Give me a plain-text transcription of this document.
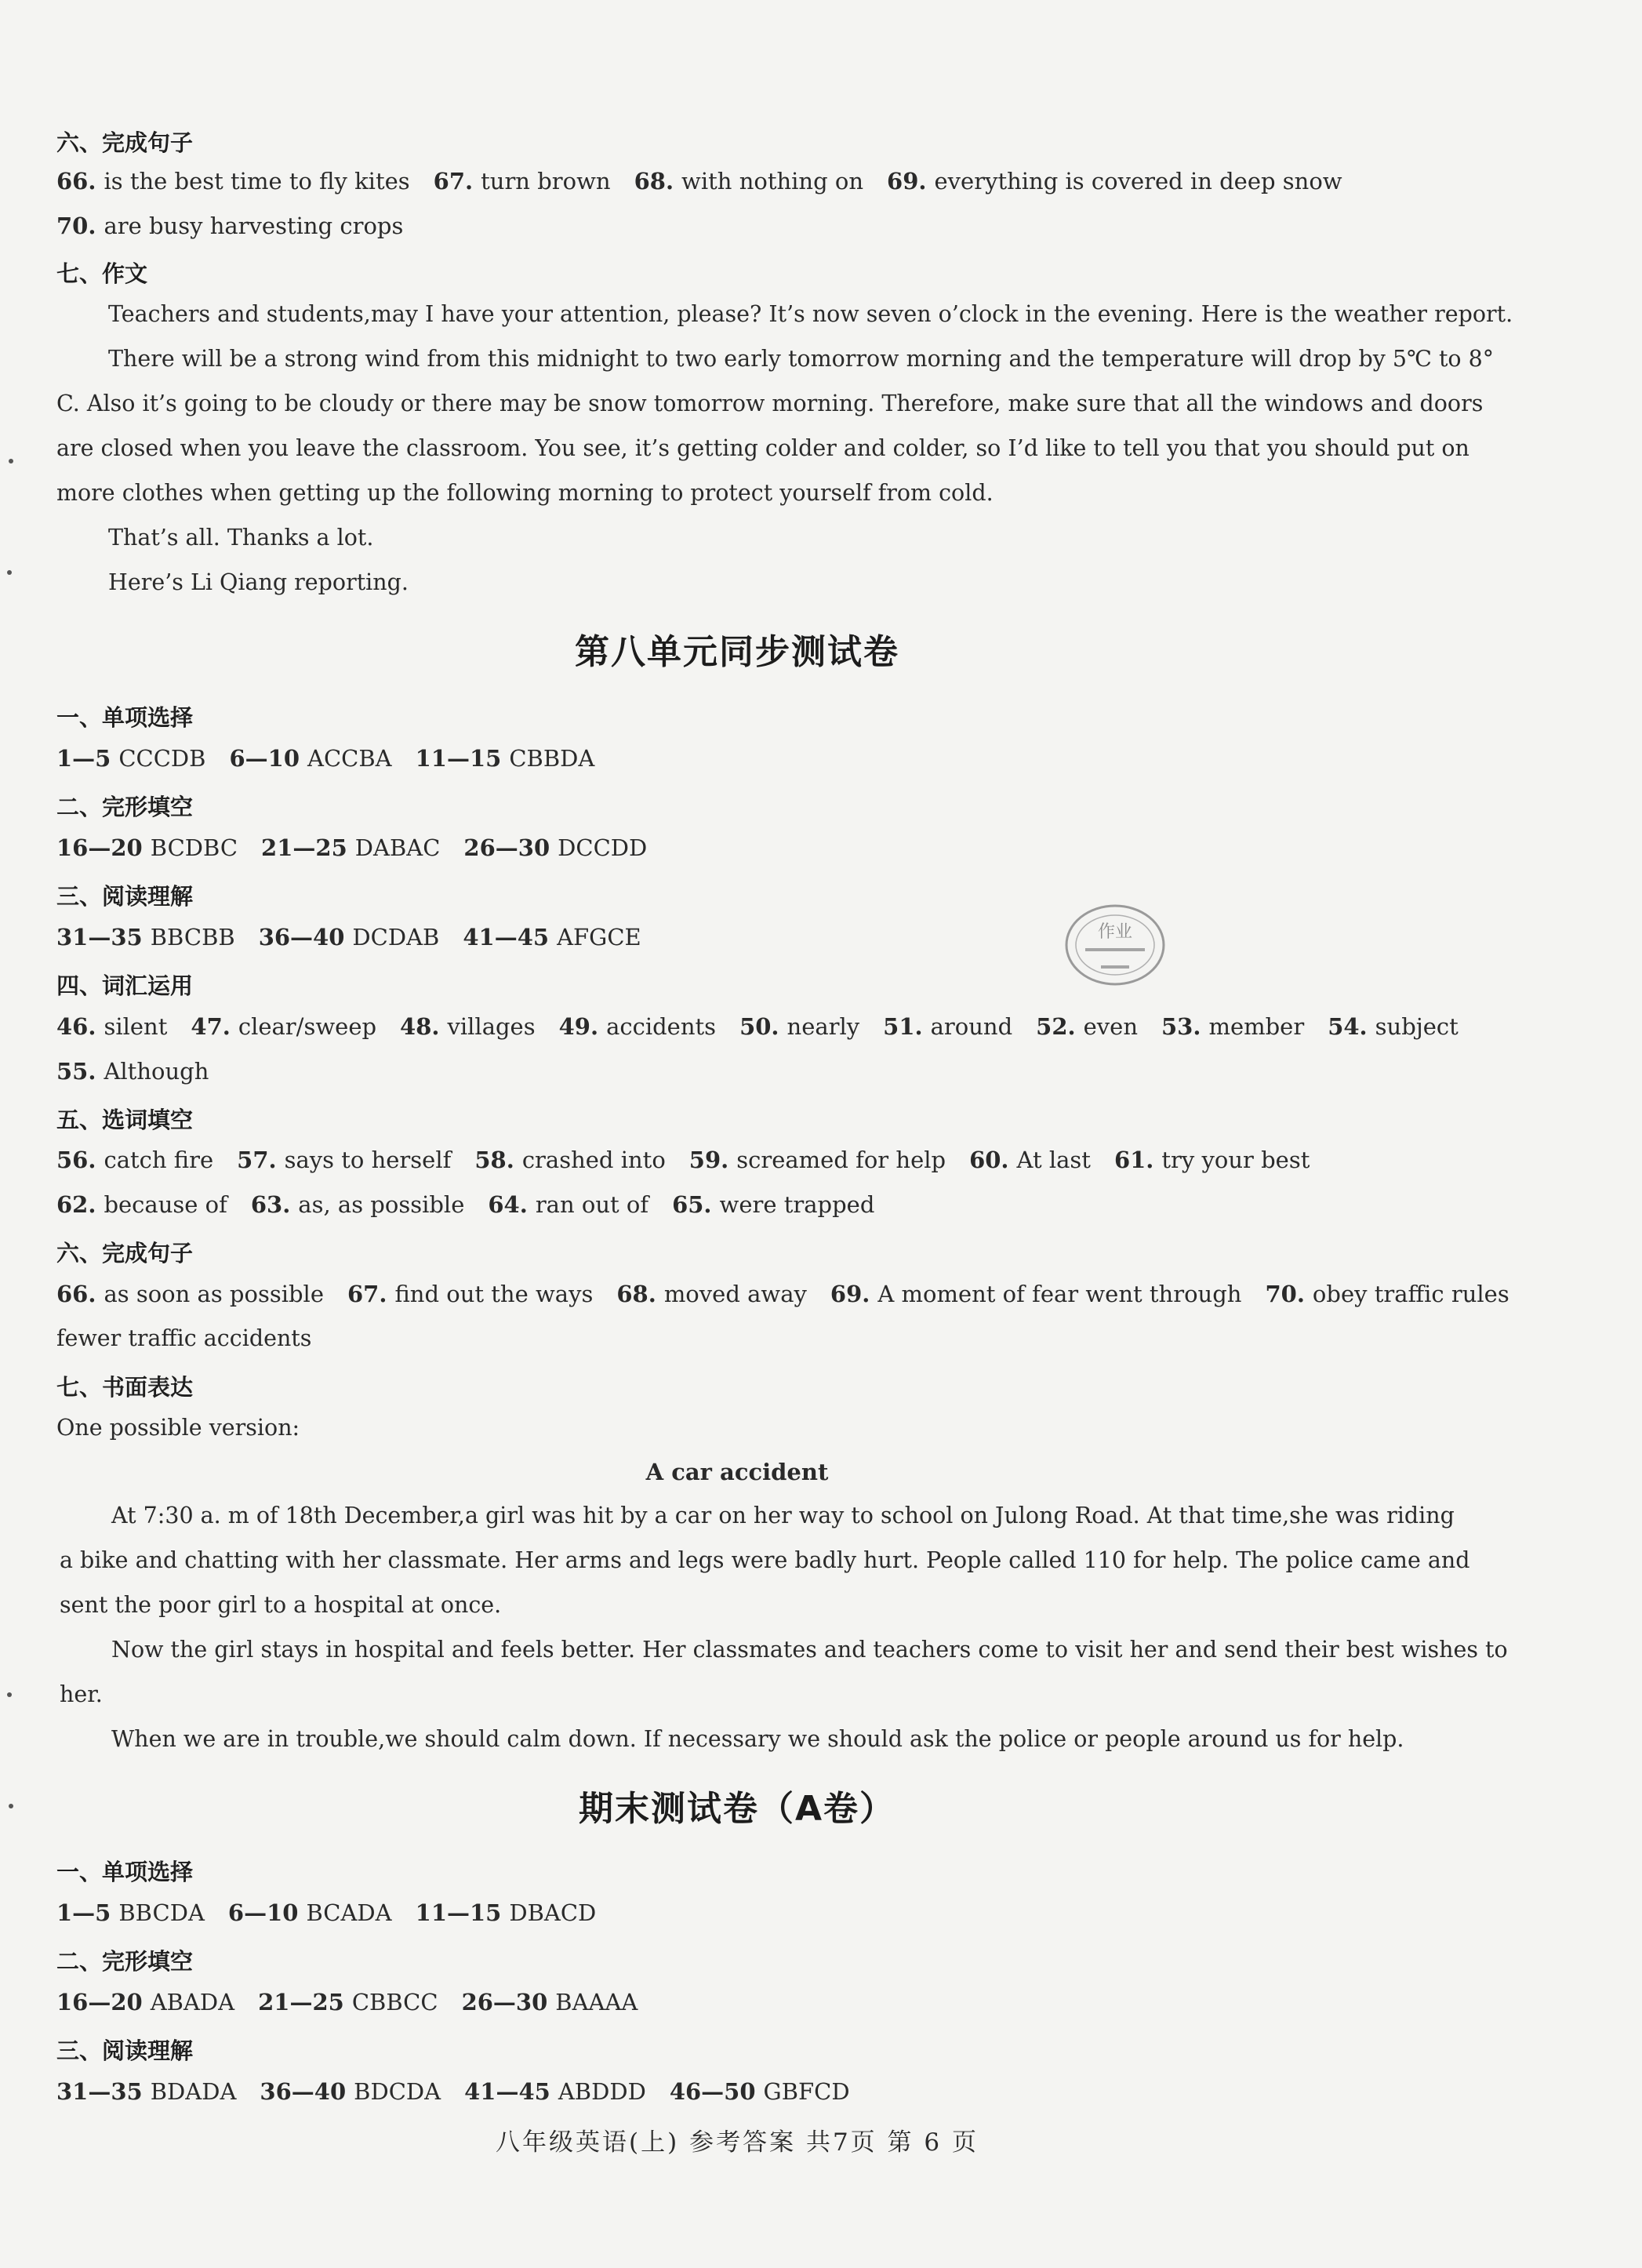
六、完成句子
66. is the best time to fly kites 67. turn brown 68. with nothing on 69. everything is covered in deep snow
70. are busy harvesting crops
七、作文
Teachers and students,may I have your attention, please? It’s now seven o’clock in the evening. Here is the weather report.
There will be a strong wind from this midnight to two early tomorrow morning and the temperature will drop by 5℃ to 8°
C. Also it’s going to be cloudy or there may be snow tomorrow morning. Therefore, make sure that all the windows and doors
are closed when you leave the classroom. You see, it’s getting colder and colder, so I’d like to tell you that you should put on
more clothes when getting up the following morning to protect yourself from cold.
That’s all. Thanks a lot.
Here’s Li Qiang reporting.
第八单元同步测试卷
一、单项选择
1—5 CCCDB 6—10 ACCBA 11—15 CBBDA
二、完形填空
16—20 BCDBC 21—25 DABAC 26—30 DCCDD
三、阅读理解
31—35 BBCBB 36—40 DCDAB 41—45 AFGCE
四、词汇运用
46. silent 47. clear/sweep 48. villages 49. accidents 50. nearly 51. around 52. even 53. member 54. subject
55. Although
五、选词填空
56. catch fire 57. says to herself 58. crashed into 59. screamed for help 60. At last 61. try your best
62. because of 63. as, as possible 64. ran out of 65. were trapped
六、完成句子
66. as soon as possible 67. find out the ways 68. moved away 69. A moment of fear went through 70. obey traffic rules
fewer traffic accidents
七、书面表达
One possible version:
A car accident
At 7:30 a. m of 18th December,a girl was hit by a car on her way to school on Julong Road. At that time,she was riding
a bike and chatting with her classmate. Her arms and legs were badly hurt. People called 110 for help. The police came and
sent the poor girl to a hospital at once.
Now the girl stays in hospital and feels better. Her classmates and teachers come to visit her and send their best wishes to
her.
When we are in trouble,we should calm down. If necessary we should ask the police or people around us for help.
期末测试卷（A卷）
一、单项选择
1—5 BBCDA 6—10 BCADA 11—15 DBACD
二、完形填空
16—20 ABADA 21—25 CBBCC 26—30 BAAAA
三、阅读理解
31—35 BDADA 36—40 BDCDA 41—45 ABDDD 46—50 GBFCD
八年级英语(上) 参考答案 共7页 第 6 页
作业
